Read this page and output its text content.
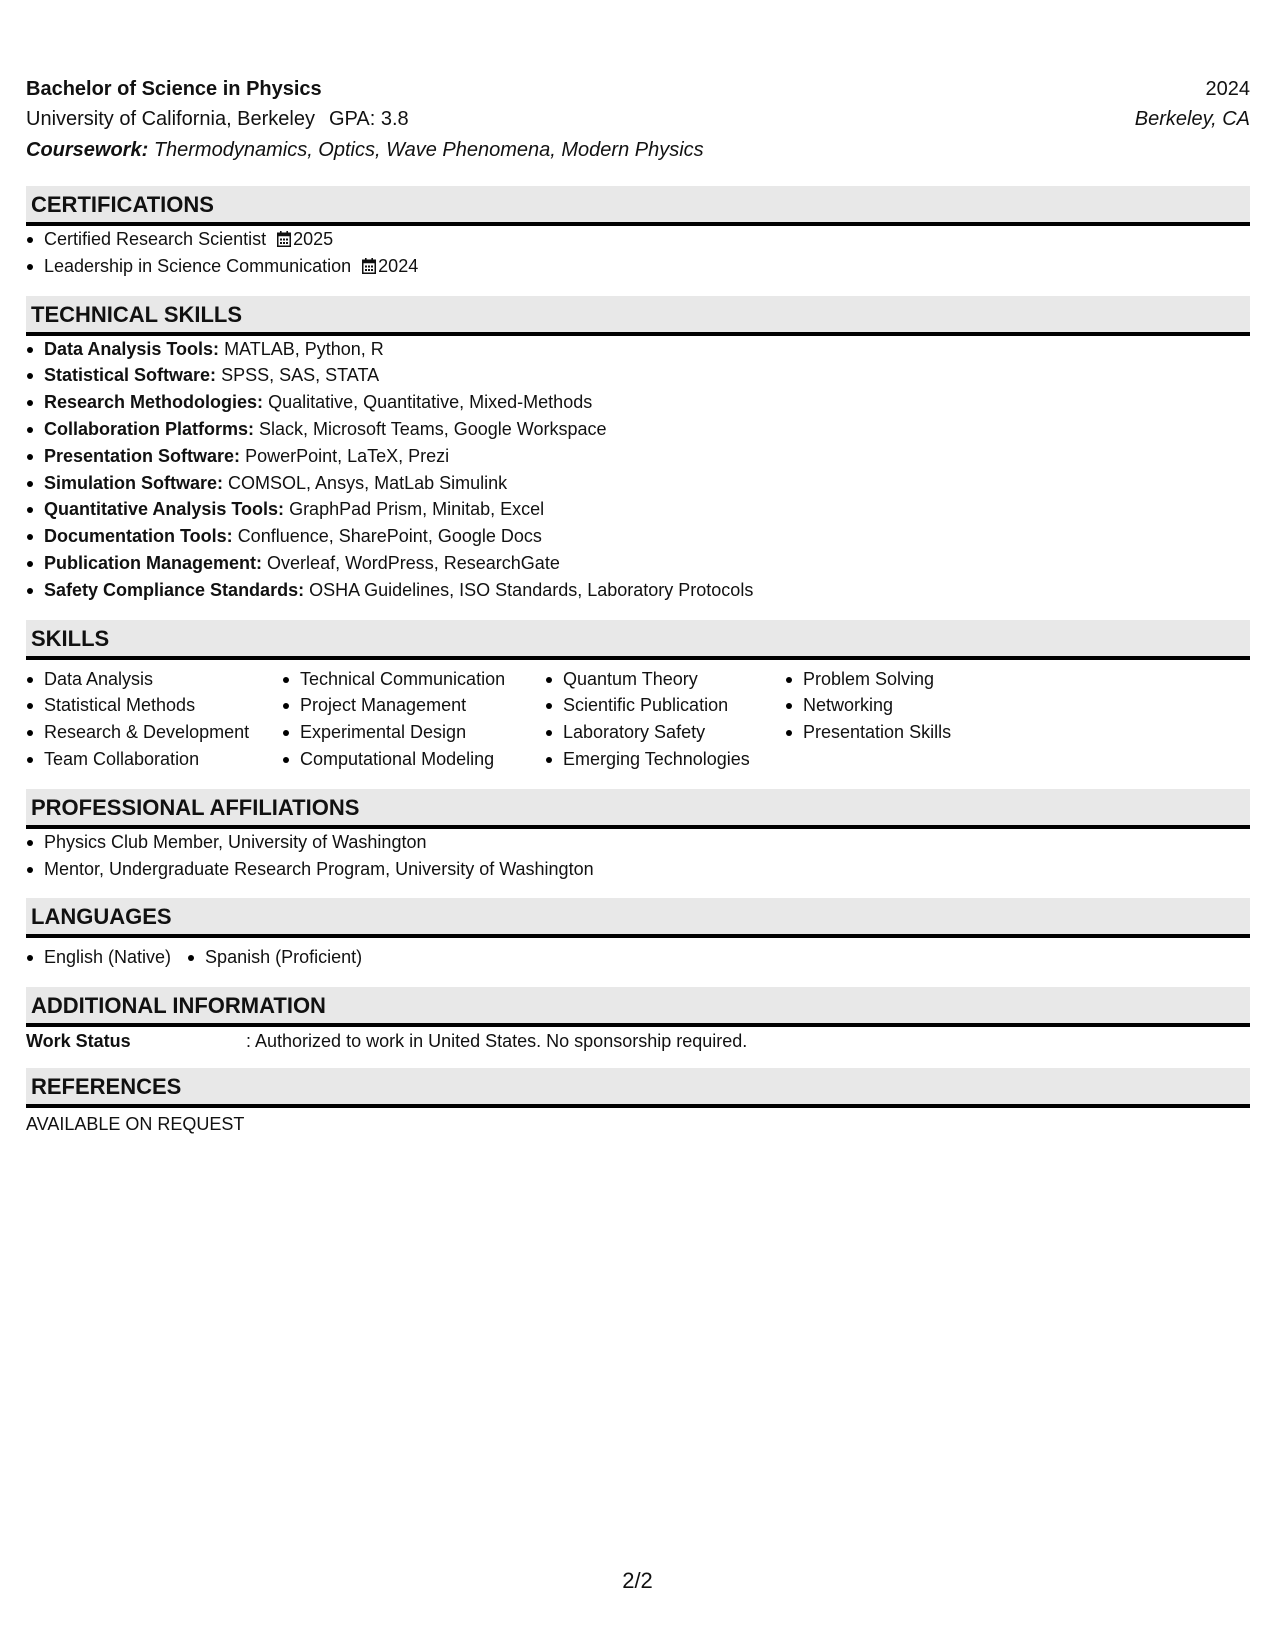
Bachelor of Science in Physics	2024
University of California, Berkeley GPA: 3.8	Berkeley, CA
Coursework: Thermodynamics, Optics, Wave Phenomena, Modern Physics
CERTIFICATIONS
Certified Research Scientist 2025
Leadership in Science Communication 2024
TECHNICAL SKILLS
Data Analysis Tools: MATLAB, Python, R
Statistical Software: SPSS, SAS, STATA
Research Methodologies: Qualitative, Quantitative, Mixed-Methods
Collaboration Platforms: Slack, Microsoft Teams, Google Workspace
Presentation Software: PowerPoint, LaTeX, Prezi
Simulation Software: COMSOL, Ansys, MatLab Simulink
Quantitative Analysis Tools: GraphPad Prism, Minitab, Excel
Documentation Tools: Confluence, SharePoint, Google Docs
Publication Management: Overleaf, WordPress, ResearchGate
Safety Compliance Standards: OSHA Guidelines, ISO Standards, Laboratory Protocols
SKILLS
Data Analysis
Statistical Methods
Research & Development
Team Collaboration
Technical Communication
Project Management
Experimental Design
Computational Modeling
Quantum Theory
Scientific Publication
Laboratory Safety
Emerging Technologies
Problem Solving
Networking
Presentation Skills
PROFESSIONAL AFFILIATIONS
Physics Club Member, University of Washington
Mentor, Undergraduate Research Program, University of Washington
LANGUAGES
English (Native)	Spanish (Proficient)
ADDITIONAL INFORMATION
Work Status	: Authorized to work in United States. No sponsorship required.
REFERENCES
AVAILABLE ON REQUEST
2/2
